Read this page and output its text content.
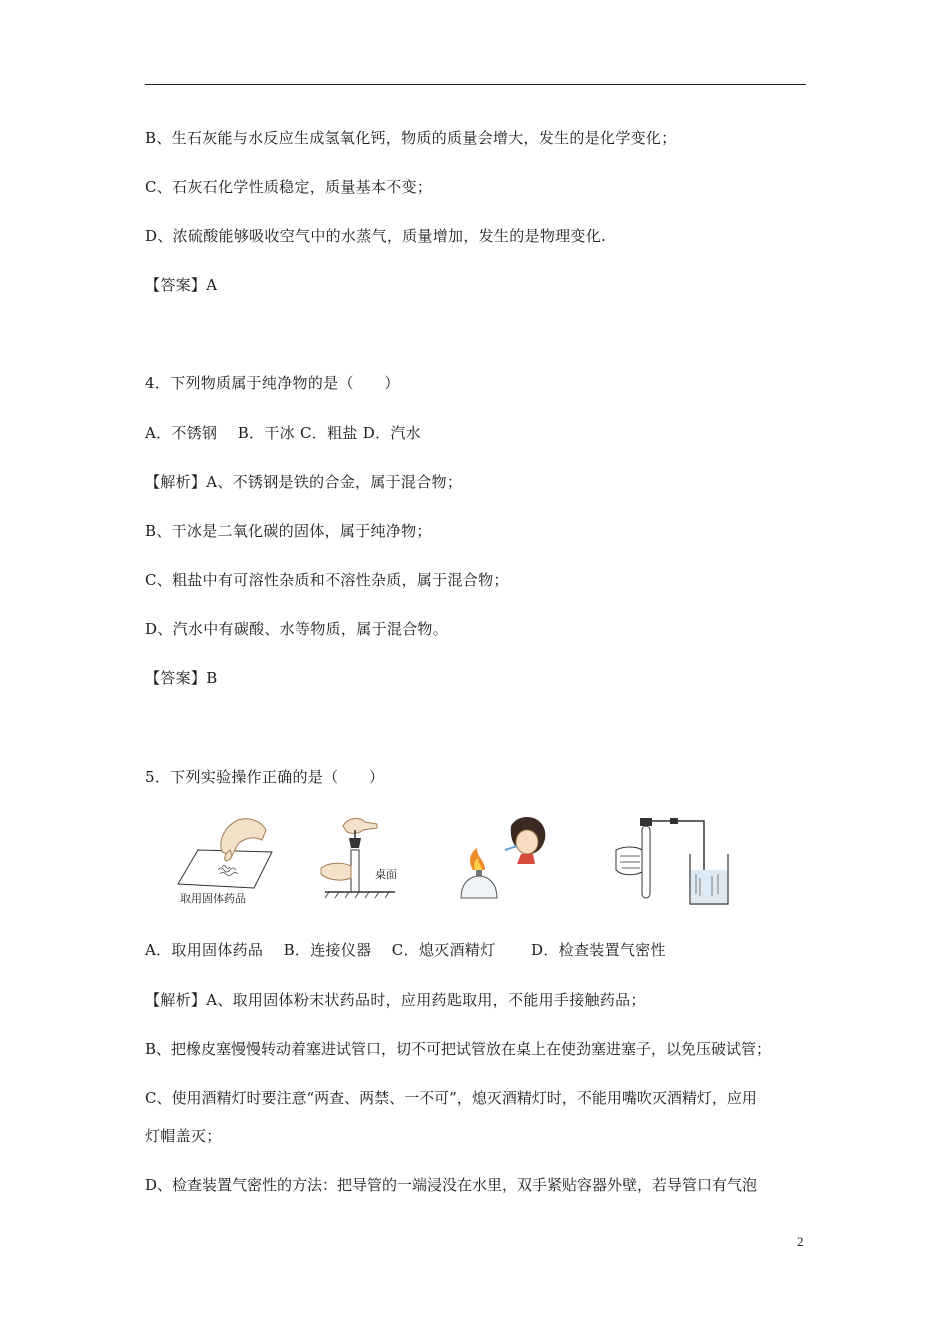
B、生石灰能与水反应生成氢氧化钙，物质的质量会增大，发生的是化学变化；
C、石灰石化学性质稳定，质量基本不变；
D、浓硫酸能够吸收空气中的水蒸气，质量增加，发生的是物理变化.
【答案】A
4．下列物质属于纯净物的是（　　）
A．不锈钢　 B．干冰 C．粗盐 D．汽水
【解析】A、不锈钢是铁的合金，属于混合物；
B、干冰是二氧化碳的固体，属于纯净物；
C、粗盐中有可溶性杂质和不溶性杂质，属于混合物；
D、汽水中有碳酸、水等物质，属于混合物。
【答案】B
5．下列实验操作正确的是（　　）
取用固体药品
桌面
A．取用固体药品　 B．连接仪器　 C．熄灭酒精灯　　 D．检查装置气密性
【解析】A、取用固体粉末状药品时，应用药匙取用，不能用手接触药品；
B、把橡皮塞慢慢转动着塞进试管口，切不可把试管放在桌上在使劲塞进塞子，以免压破试管；
C、使用酒精灯时要注意“两查、两禁、一不可”，熄灭酒精灯时，不能用嘴吹灭酒精灯，应用
灯帽盖灭；
D、检查装置气密性的方法：把导管的一端浸没在水里，双手紧贴容器外壁，若导管口有气泡
2
